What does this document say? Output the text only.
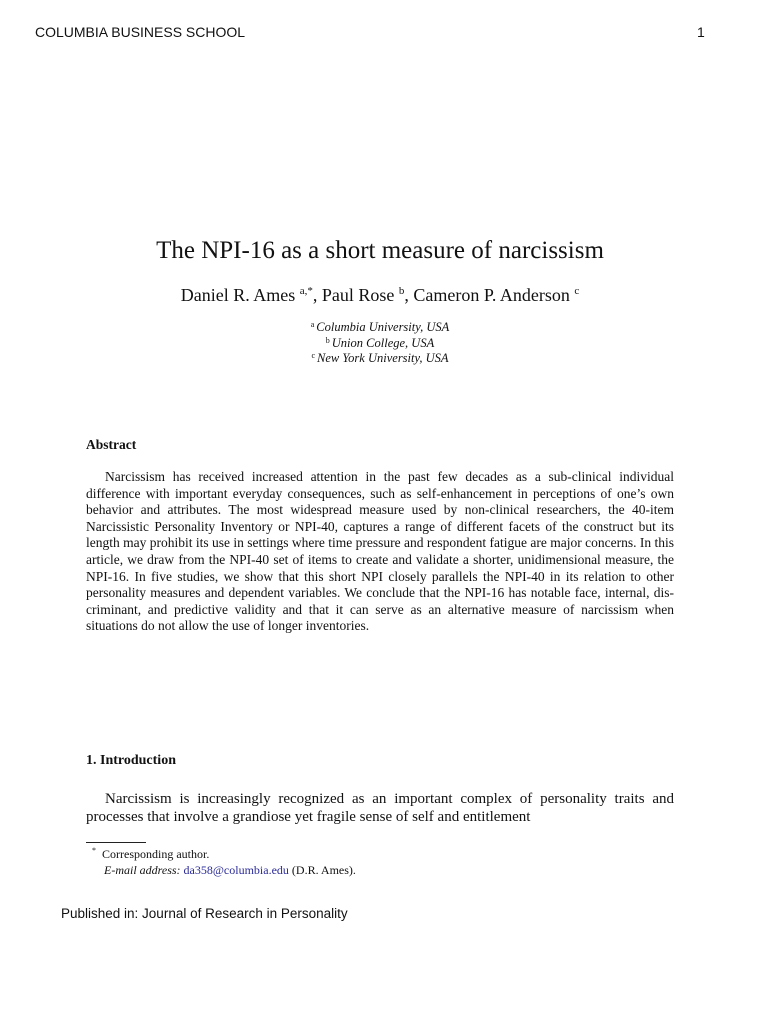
COLUMBIA BUSINESS SCHOOL	1
The NPI-16 as a short measure of narcissism
Daniel R. Ames $^{a,*}$, Paul Rose $^b$, Cameron P. Anderson $^c$
$^a$ Columbia University, USA
$^b$ Union College, USA
$^c$ New York University, USA
Abstract

Narcissism has received increased attention in the past few decades as a sub-clinical individual difference with important everyday consequences, such as self-enhancement in perceptions of one’s own behavior and attributes. The most widespread measure used by non-clinical researchers, the 40-item Narcissistic Personality Inventory or NPI-40, captures a range of different facets of the construct but its length may prohibit its use in settings where time pressure and respondent fatigue are major concerns. In this article, we draw from the NPI-40 set of items to create and validate a shorter, unidimensional measure, the NPI-16. In five studies, we show that this short NPI closely parallels the NPI-40 in its relation to other personality measures and dependent variables. We conclude that the NPI-16 has notable face, internal, discriminant, and predictive validity and that it can serve as an alternative measure of narcissism when situations do not allow the use of longer inventories.

1. Introduction

Narcissism is increasingly recognized as an important complex of personality traits and processes that involve a grandiose yet fragile sense of self and entitlement

* Corresponding author.
E-mail address: da358@columbia.edu (D.R. Ames).
Published in: Journal of Research in Personality
